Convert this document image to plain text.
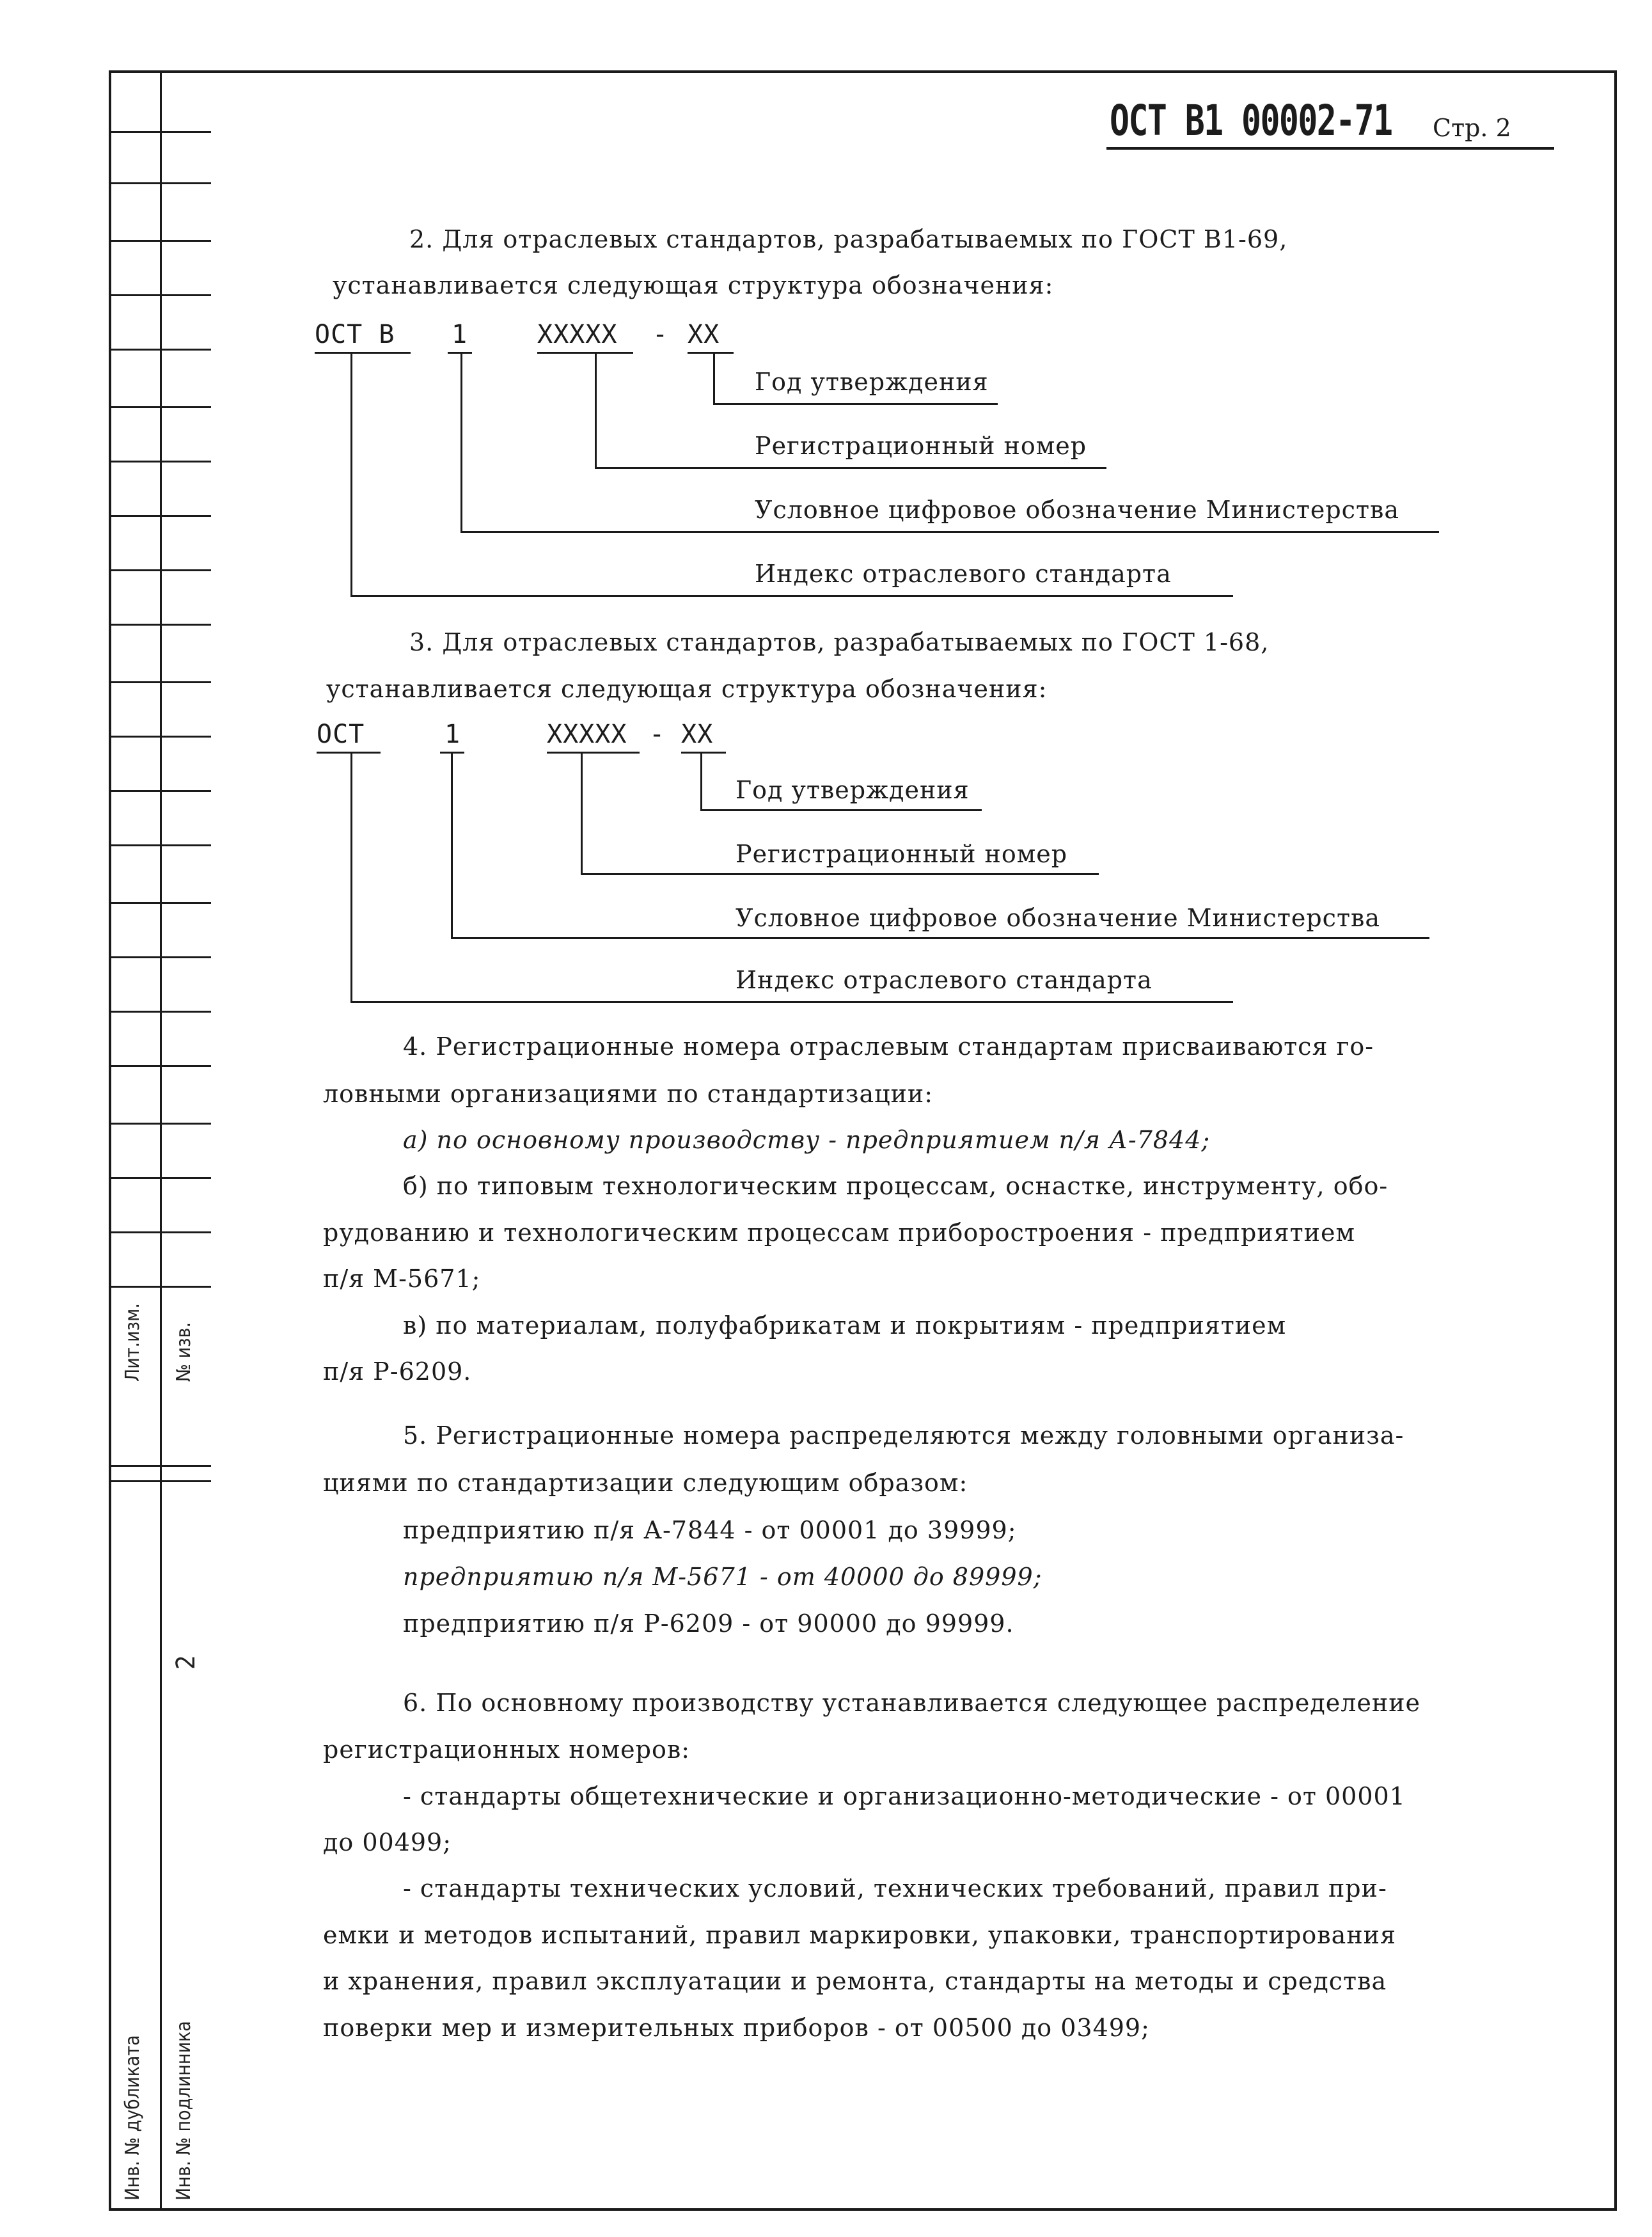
Лит.изм. № изв.
2
Инв. № дубликата Инв. № подлинника
ОСТ В1 00002-71 Стр. 2
2. Для отраслевых стандартов, разрабатываемых по ГОСТ В1-69,
устанавливается следующая структура обозначения:
ОСТ В 1	ХХХХХ - ХХ
Год утверждения
Регистрационный номер
Условное цифровое обозначение Министерства
Индекс отраслевого стандарта
3. Для отраслевых стандартов, разрабатываемых по ГОСТ 1-68,
устанавливается следующая структура обозначения:
ОСТ	1	ХХХХХ - ХХ
Год утверждения
Регистрационный номер
Условное цифровое обозначение Министерства
Индекс отраслевого стандарта
4. Регистрационные номера отраслевым стандартам присваиваются го-
ловными организациями по стандартизации:
а) по основному производству - предприятием п/я А-7844;
б) по типовым технологическим процессам, оснастке, инструменту, обо-
рудованию и технологическим процессам приборостроения - предприятием
п/я М-5671;
в) по материалам, полуфабрикатам и покрытиям - предприятием
п/я Р-6209.
5. Регистрационные номера распределяются между головными организа-
циями по стандартизации следующим образом:
предприятию п/я А-7844 - от 00001 до 39999;
предприятию п/я М-5671 - от 40000 до 89999;
предприятию п/я Р-6209 - от 90000 до 99999.
6. По основному производству устанавливается следующее распределение
регистрационных номеров:
- стандарты общетехнические и организационно-методические - от 00001
до 00499;
- стандарты технических условий, технических требований, правил при-
емки и методов испытаний, правил маркировки, упаковки, транспортирования
и хранения, правил эксплуатации и ремонта, стандарты на методы и средства
поверки мер и измерительных приборов - от 00500 до 03499;
